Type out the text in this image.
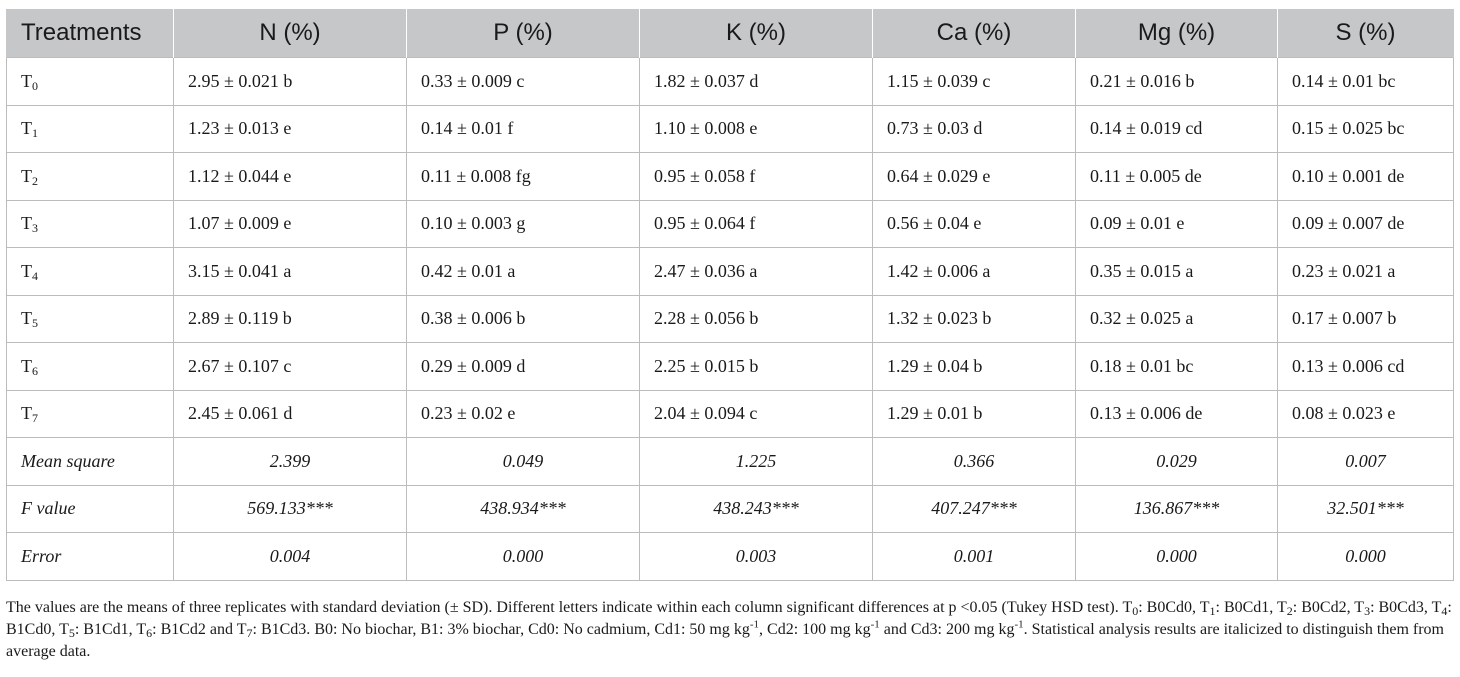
Treatments	N (%)	P (%)	K (%)	Ca (%)	Mg (%)	S (%)
$T_0$	2.95 ± 0.021 b	0.33 ± 0.009 c	1.82 ± 0.037 d	1.15 ± 0.039 c	0.21 ± 0.016 b	0.14 ± 0.01 bc
$T_1$	1.23 ± 0.013 e	0.14 ± 0.01 f	1.10 ± 0.008 e	0.73 ± 0.03 d	0.14 ± 0.019 cd	0.15 ± 0.025 bc
$T_2$	1.12 ± 0.044 e	0.11 ± 0.008 fg	0.95 ± 0.058 f	0.64 ± 0.029 e	0.11 ± 0.005 de	0.10 ± 0.001 de
$T_3$	1.07 ± 0.009 e	0.10 ± 0.003 g	0.95 ± 0.064 f	0.56 ± 0.04 e	0.09 ± 0.01 e	0.09 ± 0.007 de
$T_4$	3.15 ± 0.041 a	0.42 ± 0.01 a	2.47 ± 0.036 a	1.42 ± 0.006 a	0.35 ± 0.015 a	0.23 ± 0.021 a
$T_5$	2.89 ± 0.119 b	0.38 ± 0.006 b	2.28 ± 0.056 b	1.32 ± 0.023 b	0.32 ± 0.025 a	0.17 ± 0.007 b
$T_6$	2.67 ± 0.107 c	0.29 ± 0.009 d	2.25 ± 0.015 b	1.29 ± 0.04 b	0.18 ± 0.01 bc	0.13 ± 0.006 cd
$T_7$	2.45 ± 0.061 d	0.23 ± 0.02 e	2.04 ± 0.094 c	1.29 ± 0.01 b	0.13 ± 0.006 de	0.08 ± 0.023 e
Mean square	2.399	0.049	1.225	0.366	0.029	0.007
F value	569.133***	438.934***	438.243***	407.247***	136.867***	32.501***
Error	0.004	0.000	0.003	0.001	0.000	0.000
The values are the means of three replicates with standard deviation (± SD). Different letters indicate within each column significant differences at p <0.05 (Tukey HSD test). $T_0$: B0Cd0, $T_1$: B0Cd1, $T_2$: B0Cd2, $T_3$: B0Cd3, $T_4$: B1Cd0, $T_5$: B1Cd1, $T_6$: B1Cd2 and $T_7$: B1Cd3. B0: No biochar, B1: 3% biochar, Cd0: No cadmium, Cd1: 50 mg $kg^{-1}$, Cd2: 100 mg $kg^{-1}$ and Cd3: 200 mg $kg^{-1}$. Statistical analysis results are italicized to distinguish them from average data.
